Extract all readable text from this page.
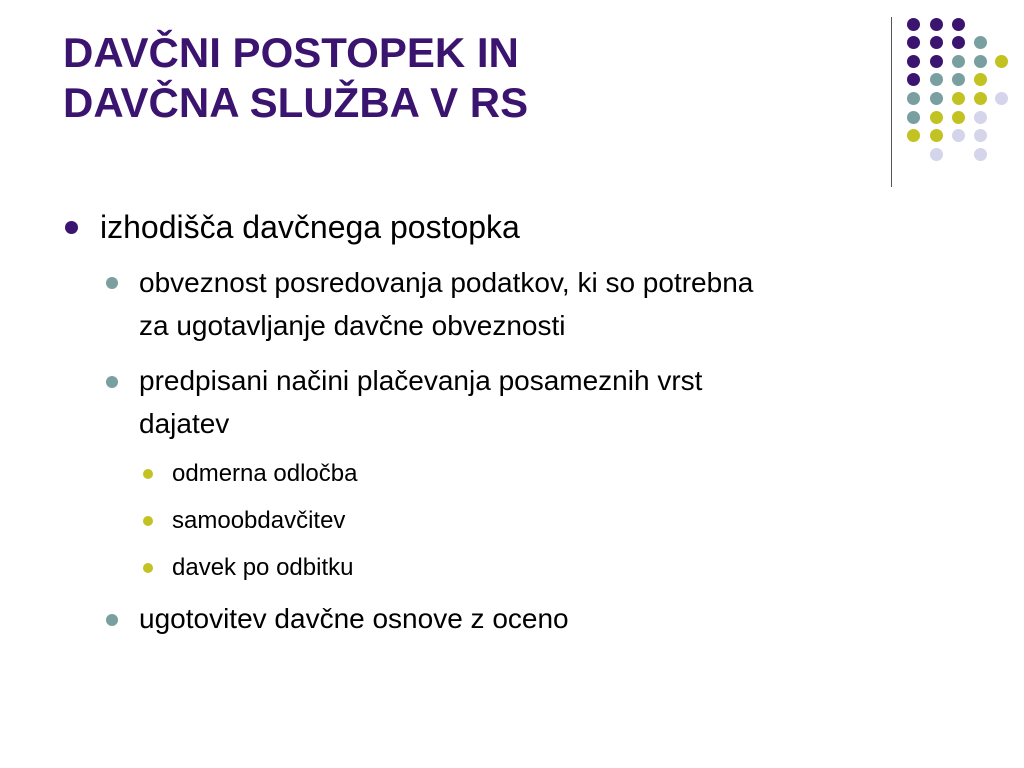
DAVČNI POSTOPEK IN
DAVČNA SLUŽBA V RS

izhodišča davčnega postopka

obveznost posredovanja podatkov, ki so potrebna

za ugotavljanje davčne obveznosti

predpisani načini plačevanja posameznih vrst

dajatev

odmerna odločba

samoobdavčitev

davek po odbitku

ugotovitev davčne osnove z oceno
